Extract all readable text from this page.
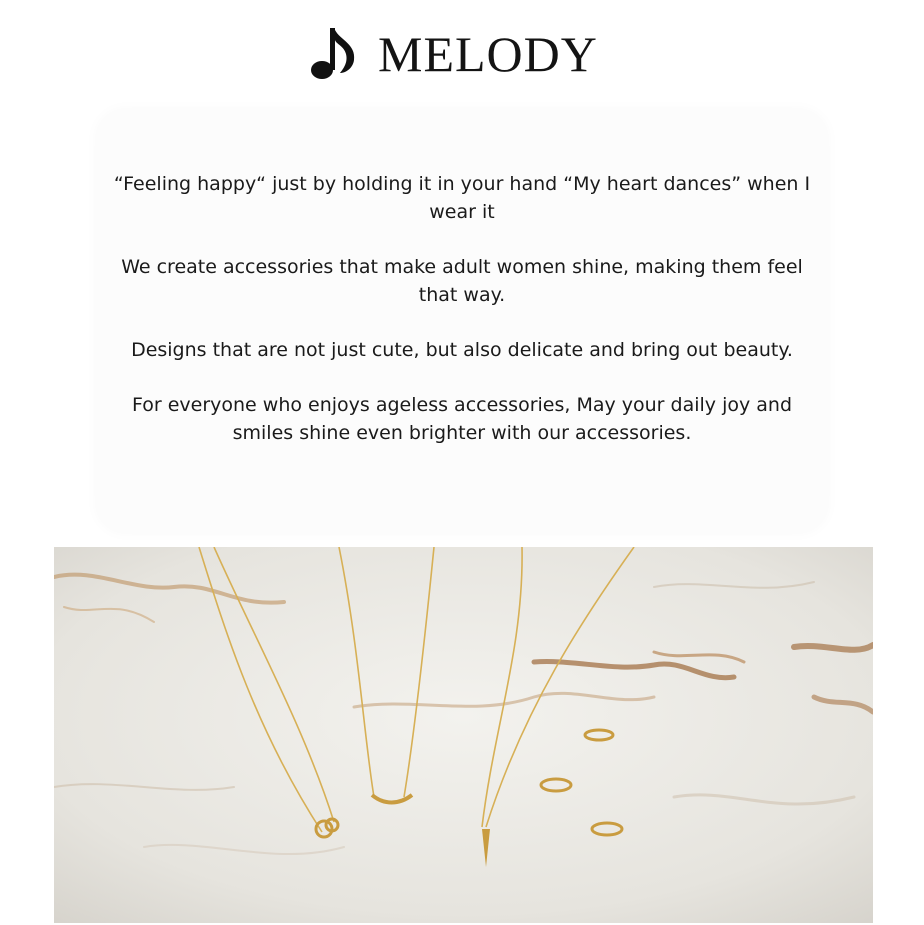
MELODY

“Feeling happy“ just by holding it in your hand “My heart dances” when I wear it

We create accessories that make adult women shine, making them feel that way.

Designs that are not just cute, but also delicate and bring out beauty.

For everyone who enjoys ageless accessories, May your daily joy and smiles shine even brighter with our accessories.
